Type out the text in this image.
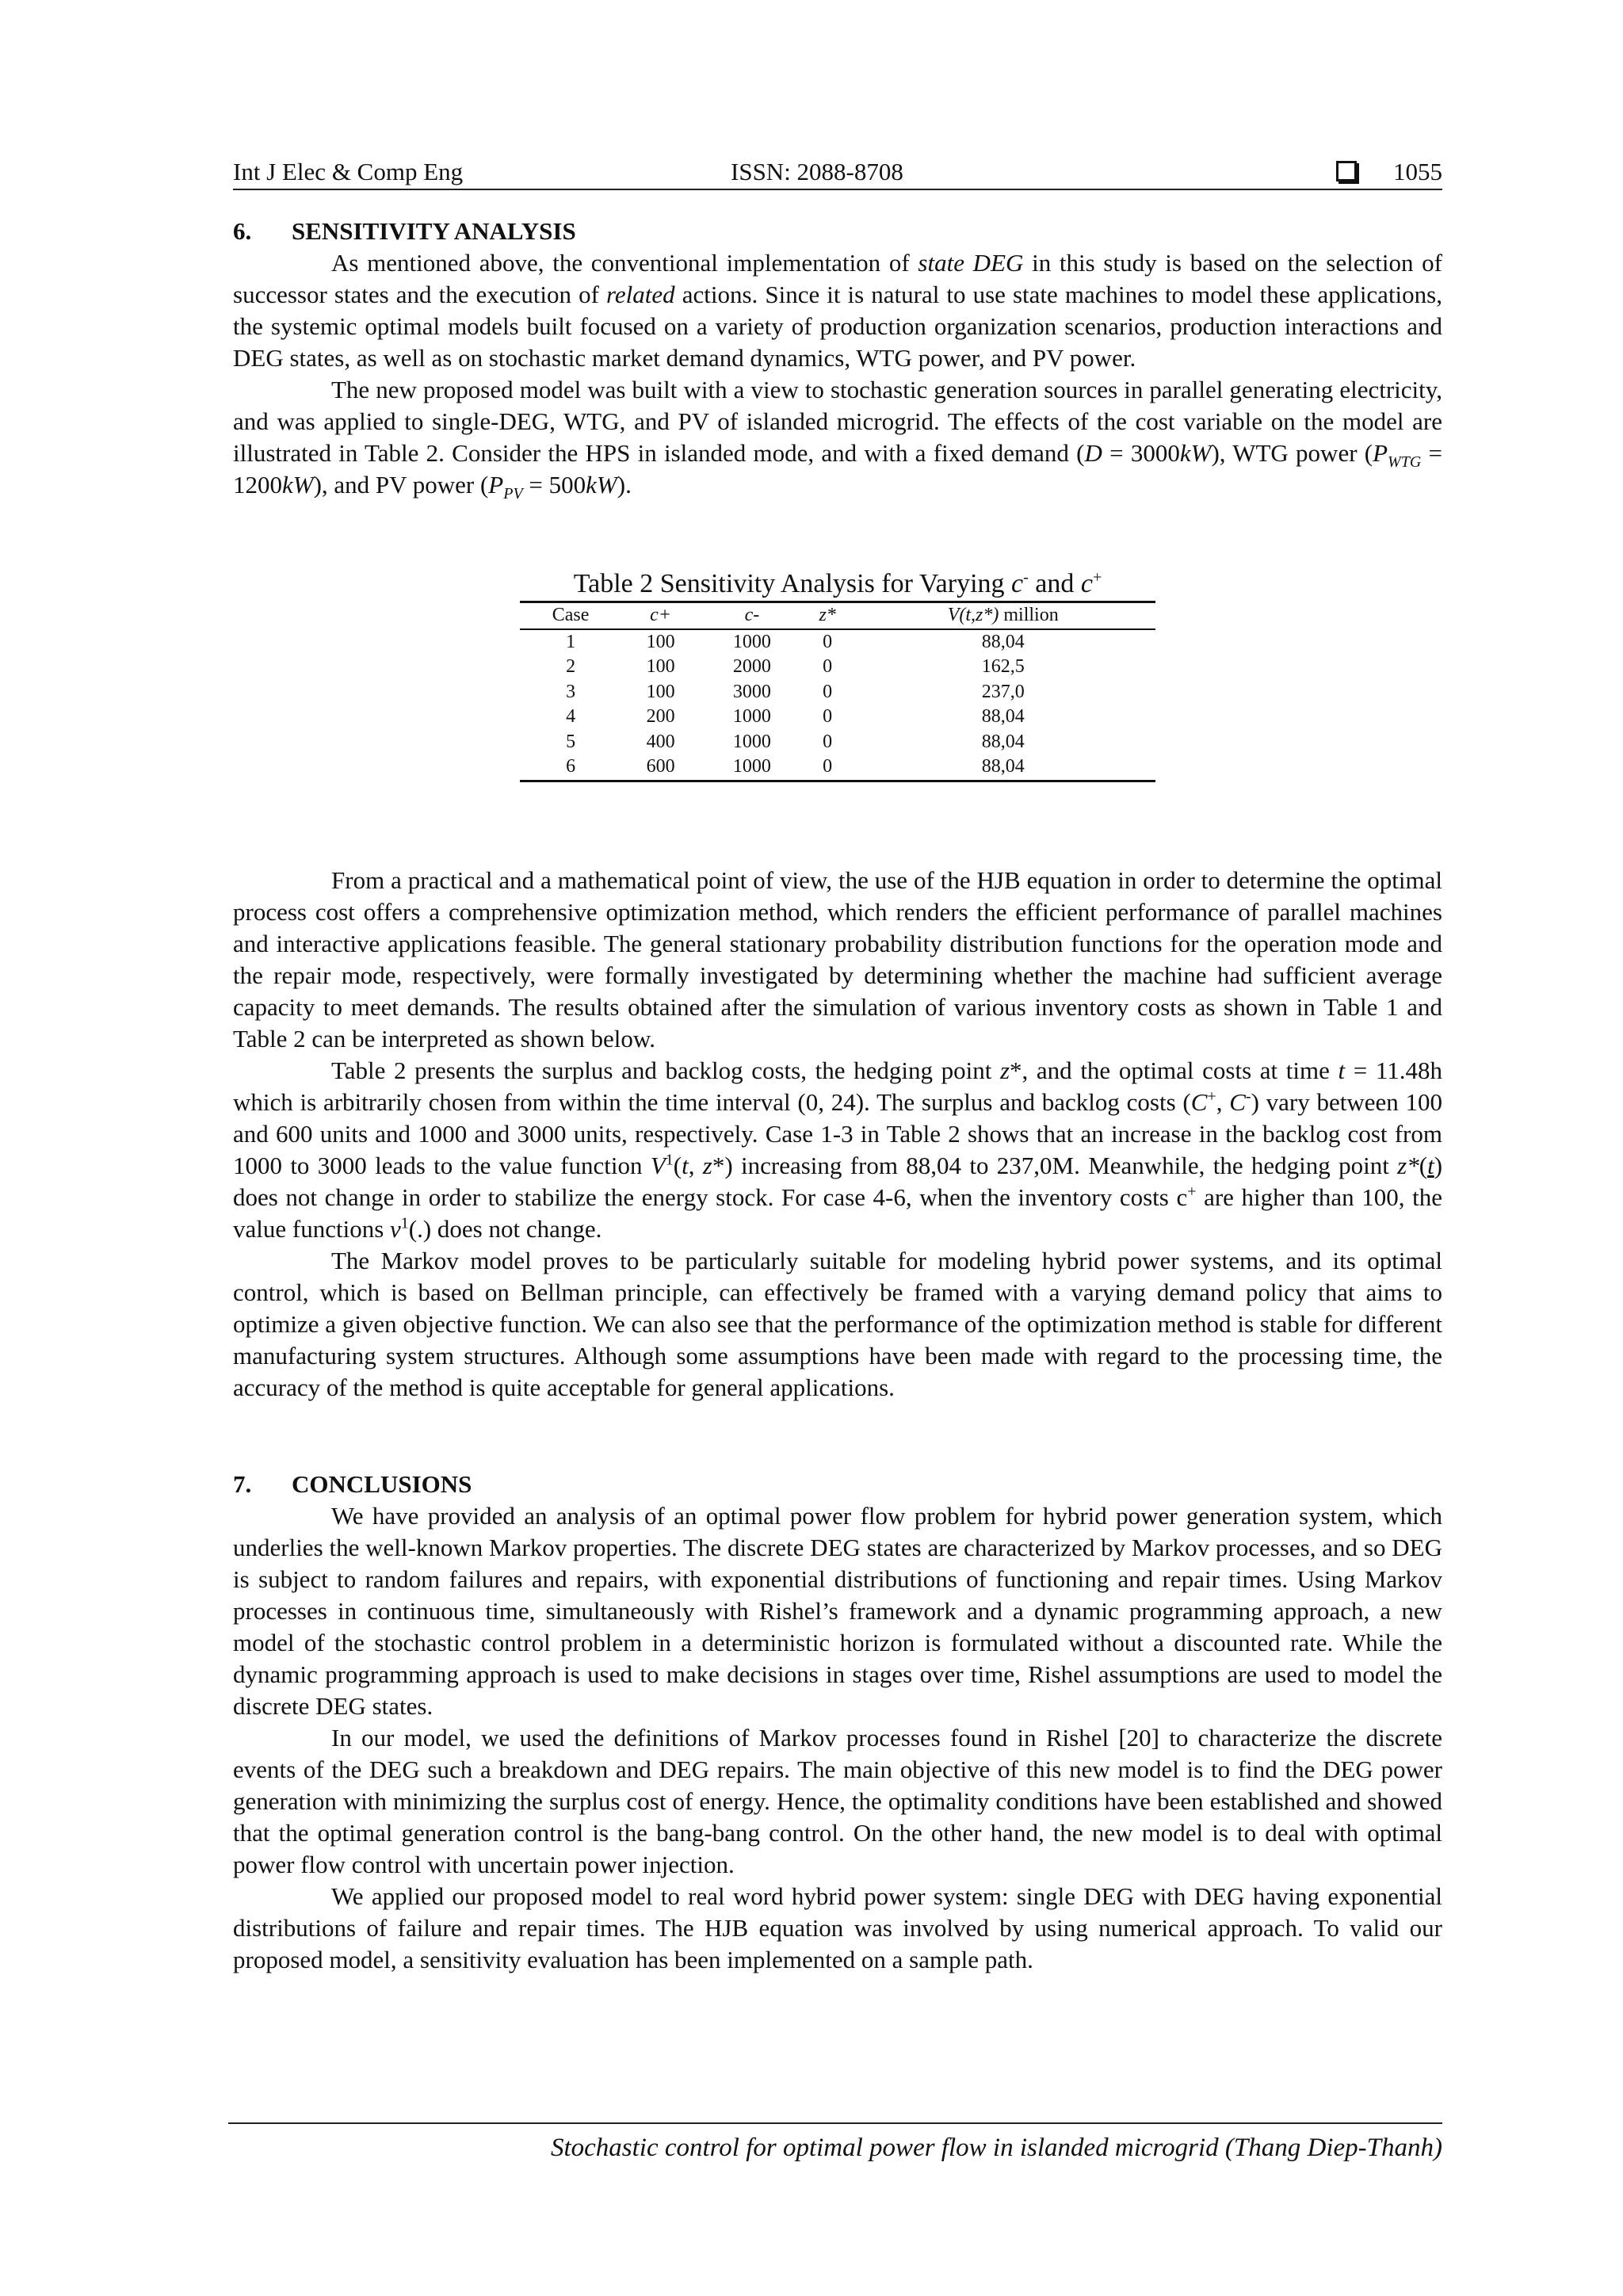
Int J Elec & Comp Eng	ISSN: 2088-8708	1055
6. SENSITIVITY ANALYSIS

As mentioned above, the conventional implementation of state DEG in this study is based on the selection of successor states and the execution of related actions. Since it is natural to use state machines to model these applications, the systemic optimal models built focused on a variety of production organization scenarios, production interactions and DEG states, as well as on stochastic market demand dynamics, WTG power, and PV power.

The new proposed model was built with a view to stochastic generation sources in parallel generating electricity, and was applied to single-DEG, WTG, and PV of islanded microgrid. The effects of the cost variable on the model are illustrated in Table 2. Consider the HPS in islanded mode, and with a fixed demand (D = 3000kW), WTG power $(P_{WTG} = 1200kW)$, and PV power $(P_{PV} = 500kW)$.

Table 2 Sensitivity Analysis for Varying c- and c+
Case	c+	c-	z*	V(t,z*) million
1	100	1000	0	88,04
2	100	2000	0	162,5
3	100	3000	0	237,0
4	200	1000	0	88,04
5	400	1000	0	88,04
6	600	1000	0	88,04

From a practical and a mathematical point of view, the use of the HJB equation in order to determine the optimal process cost offers a comprehensive optimization method, which renders the efficient performance of parallel machines and interactive applications feasible. The general stationary probability distribution functions for the operation mode and the repair mode, respectively, were formally investigated by determining whether the machine had sufficient average capacity to meet demands. The results obtained after the simulation of various inventory costs as shown in Table 1 and Table 2 can be interpreted as shown below.

Table 2 presents the surplus and backlog costs, the hedging point z*, and the optimal costs at time t = 11.48h which is arbitrarily chosen from within the time interval (0, 24). The surplus and backlog costs (C+, C-) vary between 100 and 600 units and 1000 and 3000 units, respectively. Case 1-3 in Table 2 shows that an increase in the backlog cost from 1000 to 3000 leads to the value function $V^1(t$, z*) increasing from 88,04 to 237,0M. Meanwhile, the hedging point z*(t) does not change in order to stabilize the energy stock. For case 4-6, when the inventory costs c+ are higher than 100, the value functions $v^1(.)$ does not change.

The Markov model proves to be particularly suitable for modeling hybrid power systems, and its optimal control, which is based on Bellman principle, can effectively be framed with a varying demand policy that aims to optimize a given objective function. We can also see that the performance of the optimization method is stable for different manufacturing system structures. Although some assumptions have been made with regard to the processing time, the accuracy of the method is quite acceptable for general applications.

7. CONCLUSIONS

We have provided an analysis of an optimal power flow problem for hybrid power generation system, which underlies the well-known Markov properties. The discrete DEG states are characterized by Markov processes, and so DEG is subject to random failures and repairs, with exponential distributions of functioning and repair times. Using Markov processes in continuous time, simultaneously with Rishel’s framework and a dynamic programming approach, a new model of the stochastic control problem in a deterministic horizon is formulated without a discounted rate. While the dynamic programming approach is used to make decisions in stages over time, Rishel assumptions are used to model the discrete DEG states.

In our model, we used the definitions of Markov processes found in Rishel [20] to characterize the discrete events of the DEG such a breakdown and DEG repairs. The main objective of this new model is to find the DEG power generation with minimizing the surplus cost of energy. Hence, the optimality conditions have been established and showed that the optimal generation control is the bang-bang control. On the other hand, the new model is to deal with optimal power flow control with uncertain power injection.

We applied our proposed model to real word hybrid power system: single DEG with DEG having exponential distributions of failure and repair times. The HJB equation was involved by using numerical approach. To valid our proposed model, a sensitivity evaluation has been implemented on a sample path.

Stochastic control for optimal power flow in islanded microgrid (Thang Diep-Thanh)
